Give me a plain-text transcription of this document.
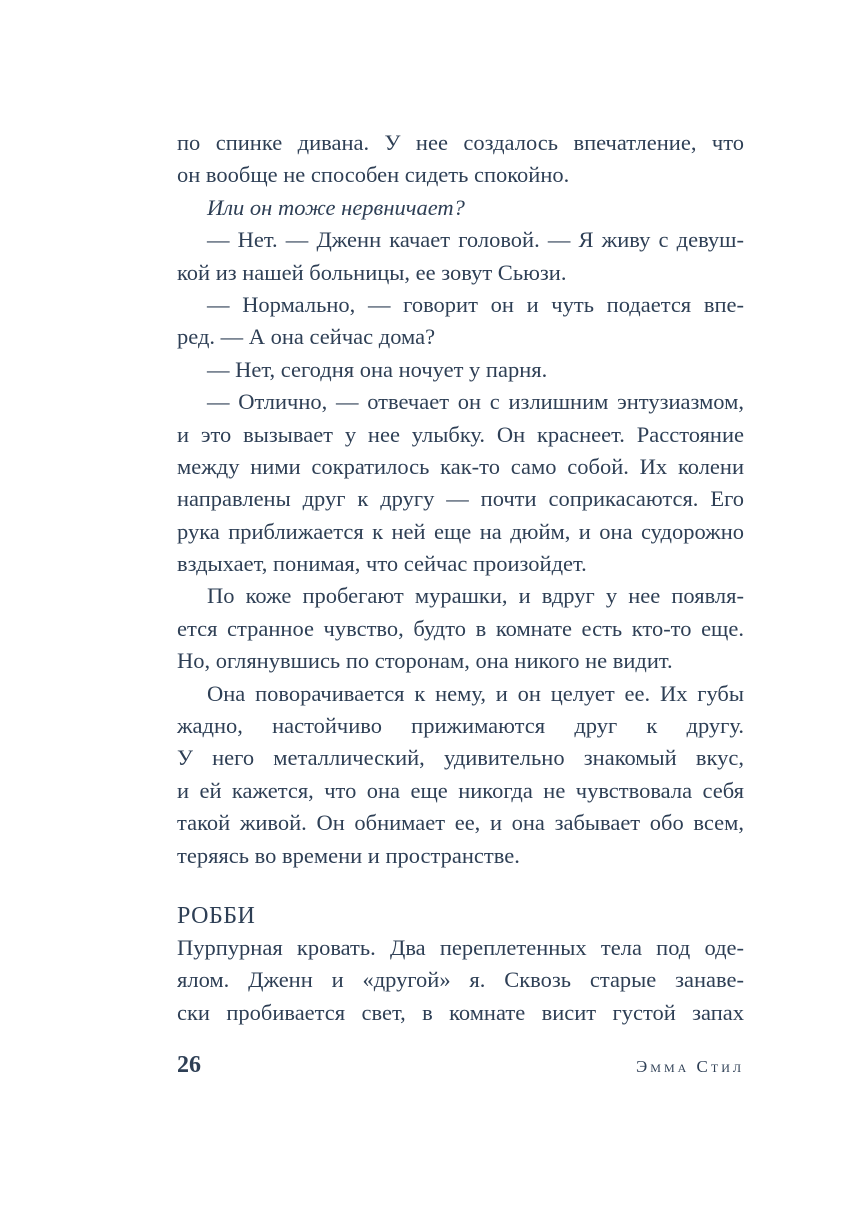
по спинке дивана. У нее создалось впечатление, что
он вообще не способен сидеть спокойно.
Или он тоже нервничает?
— Нет. — Дженн качает головой. — Я живу с девуш-
кой из нашей больницы, ее зовут Сьюзи.
— Нормально, — говорит он и чуть подается впе-
ред. — А она сейчас дома?
— Нет, сегодня она ночует у парня.
— Отлично, — отвечает он с излишним энтузиазмом,
и это вызывает у нее улыбку. Он краснеет. Расстояние
между ними сократилось как-то само собой. Их колени
направлены друг к другу — почти соприкасаются. Его
рука приближается к ней еще на дюйм, и она судорожно
вздыхает, понимая, что сейчас произойдет.
По коже пробегают мурашки, и вдруг у нее появля-
ется странное чувство, будто в комнате есть кто-то еще.
Но, оглянувшись по сторонам, она никого не видит.
Она поворачивается к нему, и он целует ее. Их губы
жадно, настойчиво прижимаются друг к другу.
У него металлический, удивительно знакомый вкус,
и ей кажется, что она еще никогда не чувствовала себя
такой живой. Он обнимает ее, и она забывает обо всем,
теряясь во времени и пространстве.
РОББИ
Пурпурная кровать. Два переплетенных тела под оде-
ялом. Дженн и «другой» я. Сквозь старые занаве-
ски пробивается свет, в комнате висит густой запах
26	Эмма Стил
